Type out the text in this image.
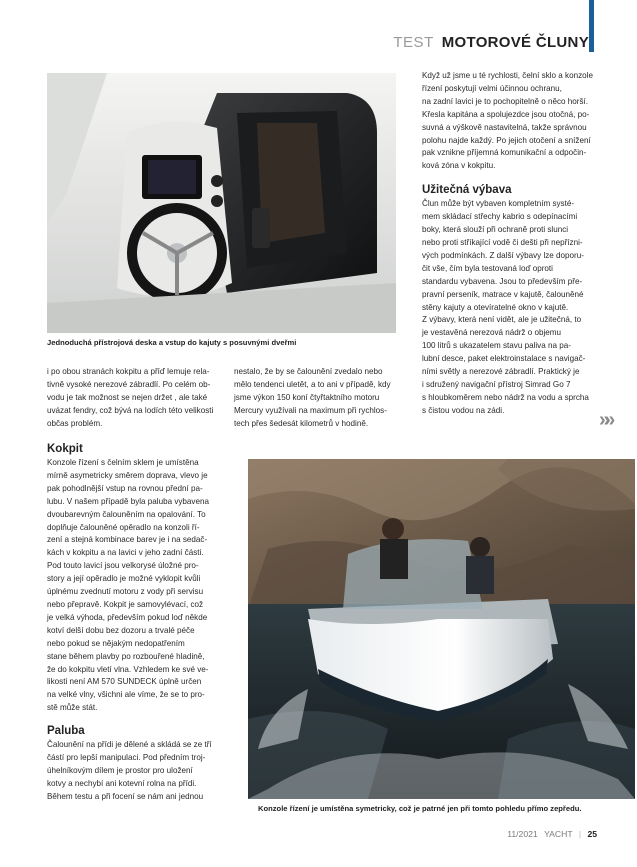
TEST MOTOROVÉ ČLUNY
Jednoduchá přístrojová deska a vstup do kajuty s posuvnými dveřmi

Když už jsme u té rychlosti, čelní sklo a konzole

řízení poskytují velmi účinnou ochranu,

na zadní lavici je to pochopitelně o něco horší.

Křesla kapitána a spolujezdce jsou otočná, po-

suvná a výškově nastavitelná, takže správnou

polohu najde každý. Po jejich otočení a snížení

pak vznikne příjemná komunikační a odpočin-

ková zóna v kokpitu.

Užitečná výbava

Člun může být vybaven kompletním systé-

mem skládací střechy kabrio s odepínacími

boky, která slouží při ochraně proti slunci

nebo proti stříkající vodě či dešti při nepřízni-

vých podmínkách. Z další výbavy lze doporu-

čit vše, čím byla testovaná loď oproti

standardu vybavena. Jsou to především pře-

pravní perseník, matrace v kajutě, čalouněné

stěny kajuty a otevíratelné okno v kajutě.

Z výbavy, která není vidět, ale je užitečná, to

je vestavěná nerezová nádrž o objemu

100 litrů s ukazatelem stavu paliva na pa-

lubní desce, paket elektroinstalace s navigač-

ními světly a nerezové zábradlí. Praktický je

i sdružený navigační přístroj Simrad Go 7

s hloubkoměrem nebo nádrž na vodu a sprcha

s čistou vodou na zádi.	»»

i po obou stranách kokpitu a příď lemuje rela-

tivně vysoké nerezové zábradlí. Po celém ob-

vodu je tak možnost se nejen držet , ale také

uvázat fendry, což bývá na lodích této velikosti

občas problém.

nestalo, že by se čalounění zvedalo nebo

mělo tendenci uletět, a to ani v případě, kdy

jsme výkon 150 koní čtyřtaktního motoru

Mercury využívali na maximum při rychlos-

tech přes šedesát kilometrů v hodině.

Kokpit

Konzole řízení s čelním sklem je umístěna

mírně asymetricky směrem doprava, vlevo je

pak pohodlnější vstup na rovnou přední pa-

lubu. V našem případě byla paluba vybavena

dvoubarevným čalouněním na opalování. To

doplňuje čalouněné opěradlo na konzoli ří-

zení a stejná kombinace barev je i na sedač-

kách v kokpitu a na lavici v jeho zadní části.

Pod touto lavicí jsou velkorysé úložné pro-

story a její opěradlo je možné vyklopit kvůli

úplnému zvednutí motoru z vody při servisu

nebo přepravě. Kokpit je samovylévací, což

je velká výhoda, především pokud loď někde

kotví delší dobu bez dozoru a trvalé péče

nebo pokud se nějakým nedopatřením

stane během plavby po rozbouřené hladině,

že do kokpitu vletí vlna. Vzhledem ke své ve-

likosti není AM 570 SUNDECK úplně určen

na velké vlny, všichni ale víme, že se to pro-

stě může stát.

Paluba

Čalounění na přídi je dělené a skládá se ze tří

částí pro lepší manipulaci. Pod předním troj-

úhelníkovým dílem je prostor pro uložení

kotvy a nechybí ani kotevní rolna na přídi.

Během testu a při focení se nám ani jednou

Konzole řízení je umístěna symetricky, což je patrné jen při tomto pohledu přímo zepředu.
11/2021 YACHT | 25
